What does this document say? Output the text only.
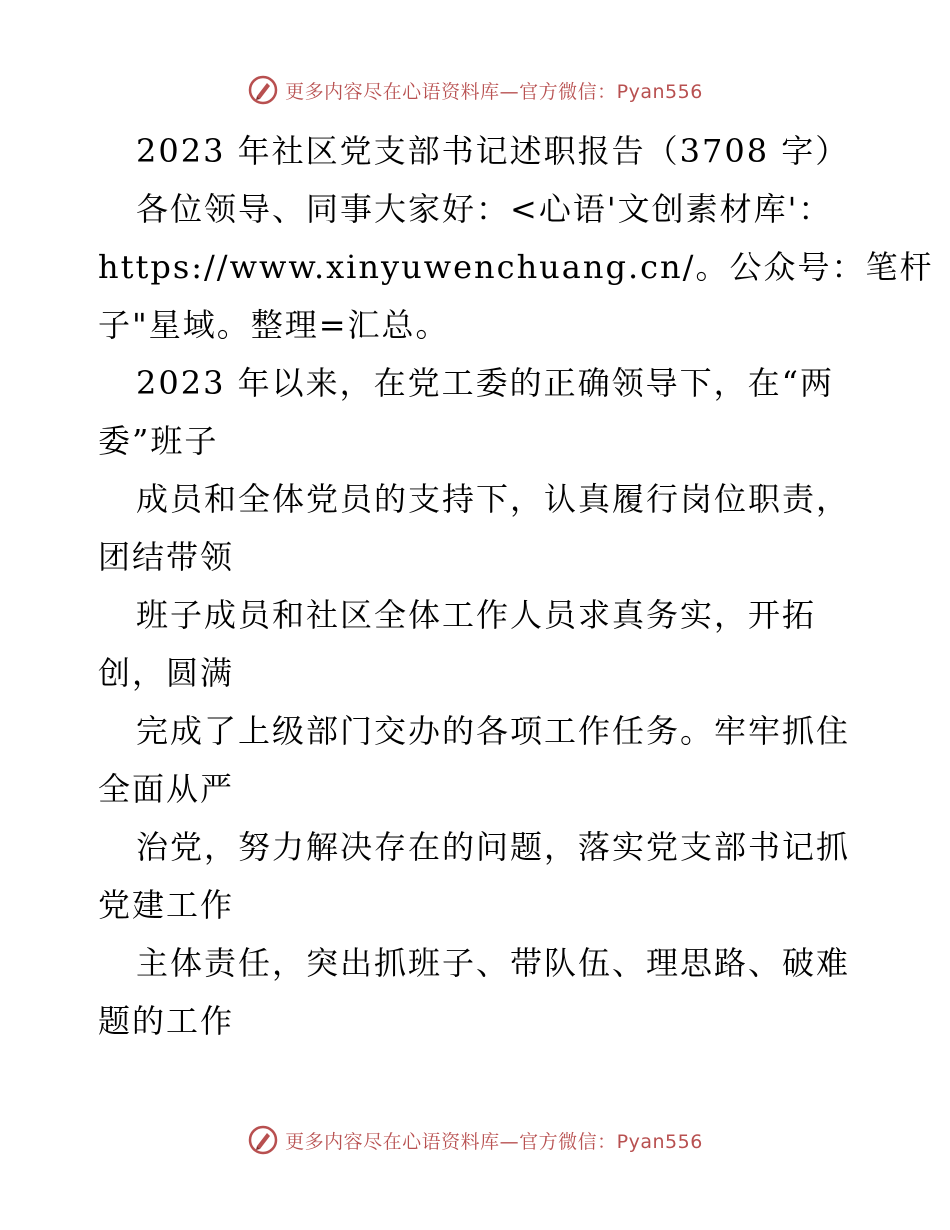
更多内容尽在心语资料库—官方微信：Pyan556
2023 年社区党支部书记述职报告（3708 字）
各位领导、同事大家好：<心语'文创素材库'：
https://www.xinyuwenchuang.cn/。公众号：笔杆
子"星域。整理=汇总。
2023 年以来，在党工委的正确领导下，在“两
委”班子
成员和全体党员的支持下，认真履行岗位职责，
团结带领
班子成员和社区全体工作人员求真务实，开拓
创，圆满
完成了上级部门交办的各项工作任务。牢牢抓住
全面从严
治党，努力解决存在的问题，落实党支部书记抓
党建工作
主体责任，突出抓班子、带队伍、理思路、破难
题的工作
更多内容尽在心语资料库—官方微信：Pyan556
